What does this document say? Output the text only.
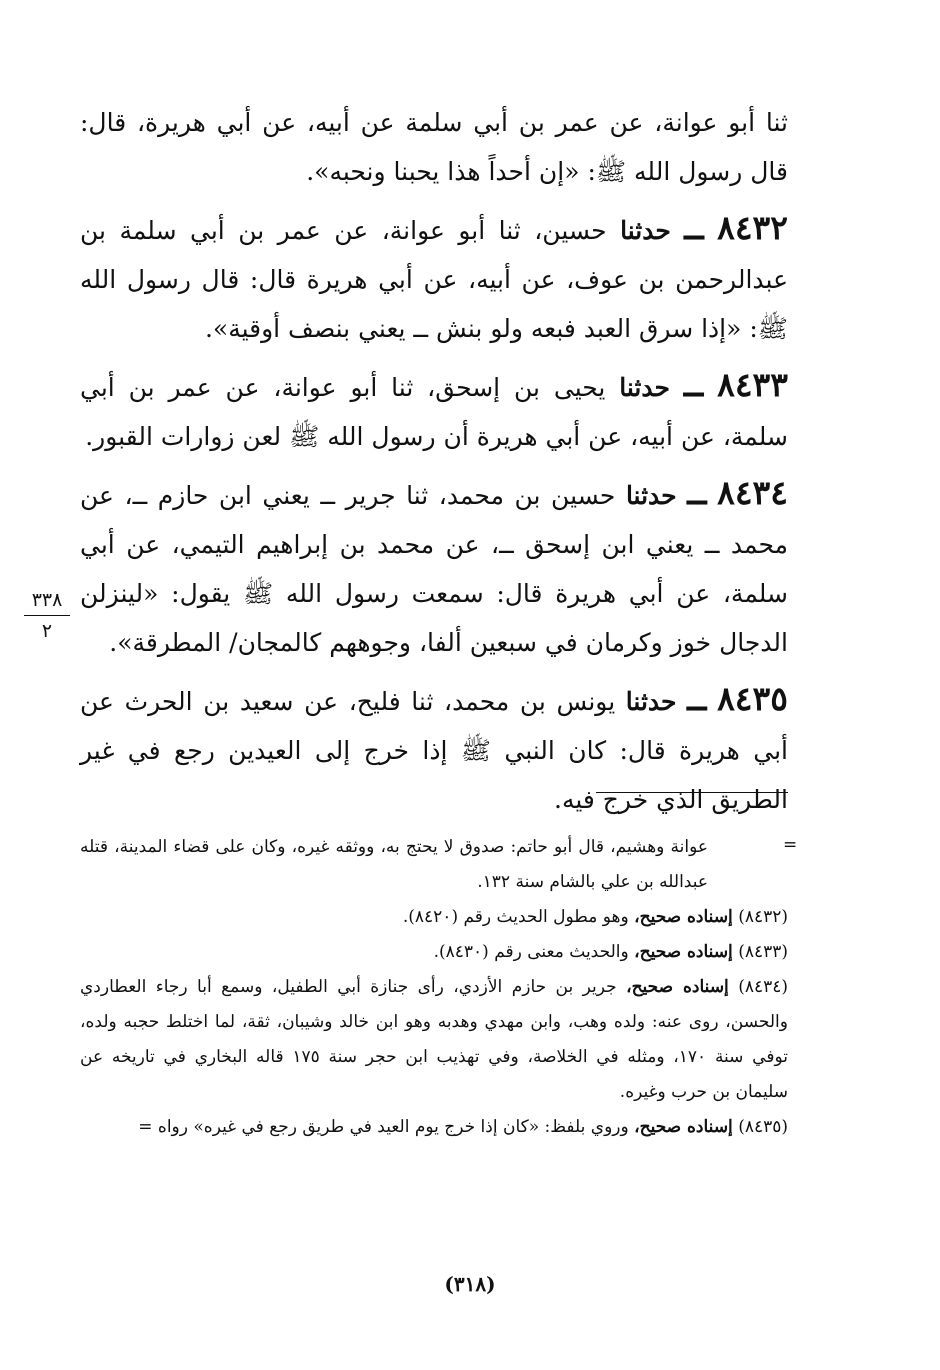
ثنا أبو عوانة، عن عمر بن أبي سلمة عن أبيه، عن أبي هريرة، قال: قال رسول الله ﷺ: «إن أحداً هذا يحبنا ونحبه».

٨٤٣٢ ــ حدثنا حسين، ثنا أبو عوانة، عن عمر بن أبي سلمة بن عبدالرحمن بن عوف، عن أبيه، عن أبي هريرة قال: قال رسول الله ﷺ: «إذا سرق العبد فبعه ولو بنش ــ يعني بنصف أوقية».

٨٤٣٣ ــ حدثنا يحيى بن إسحق، ثنا أبو عوانة، عن عمر بن أبي سلمة، عن أبيه، عن أبي هريرة أن رسول الله ﷺ لعن زوارات القبور.

٨٤٣٤ ــ حدثنا حسين بن محمد، ثنا جرير ــ يعني ابن حازم ــ، عن محمد ــ يعني ابن إسحق ــ، عن محمد بن إبراهيم التيمي، عن أبي سلمة، عن أبي هريرة قال: سمعت رسول الله ﷺ يقول: «لينزلن الدجال خوز وكرمان في سبعين ألفا، وجوههم كالمجان/ المطرقة».

٨٤٣٥ ــ حدثنا يونس بن محمد، ثنا فليح، عن سعيد بن الحرث عن أبي هريرة قال: كان النبي ﷺ إذا خرج إلى العيدين رجع في غير الطريق الذي خرج فيه.

٣٣٨
٢
=

عوانة وهشيم، قال أبو حاتم: صدوق لا يحتج به، ووثقه غيره، وكان على قضاء المدينة، قتله عبدالله بن علي بالشام سنة ١٣٢.

(٨٤٣٢) إسناده صحيح، وهو مطول الحديث رقم (٨٤٢٠).

(٨٤٣٣) إسناده صحيح، والحديث معنى رقم (٨٤٣٠).

(٨٤٣٤) إسناده صحيح، جرير بن حازم الأزدي، رأى جنازة أبي الطفيل، وسمع أبا رجاء العطاردي والحسن، روى عنه: ولده وهب، وابن مهدي وهدبه وهو ابن خالد وشيبان، ثقة، لما اختلط حجبه ولده، توفي سنة ١٧٠، ومثله في الخلاصة، وفي تهذيب ابن حجر سنة ١٧٥ قاله البخاري في تاريخه عن سليمان بن حرب وغيره.

(٨٤٣٥) إسناده صحيح، وروي بلفظ: «كان إذا خرج يوم العيد في طريق رجع في غيره» رواه =

(٣١٨)
